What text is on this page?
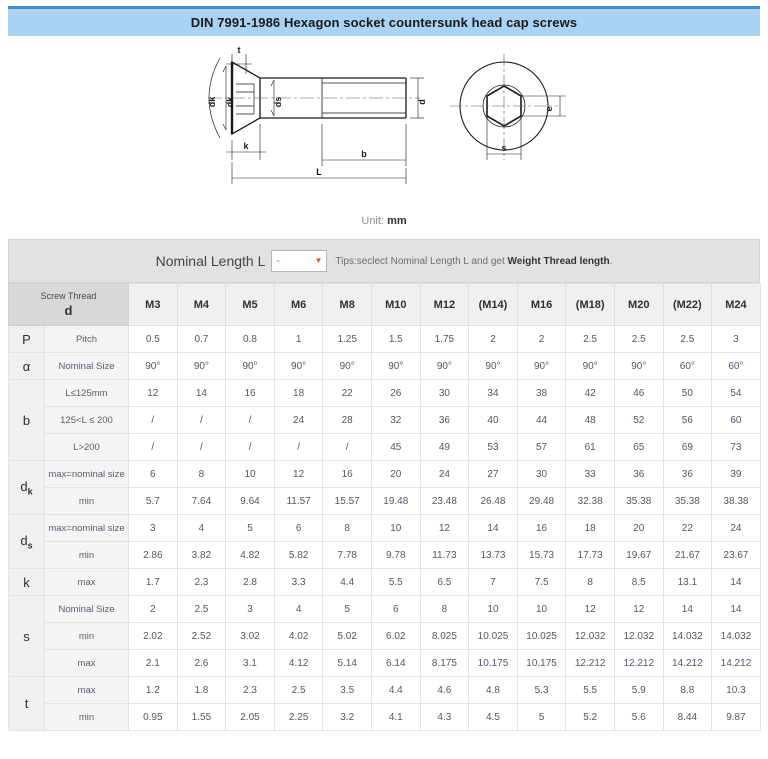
DIN 7991-1986 Hexagon socket countersunk head cap screws
t
dk dk	ds	d
k
b
L
e
s
Unit: mm
Nominal Length L -	▼ Tips:seclect Nominal Length L and get Weight Thread length.
Screw Thread
d		M3	M4	M5	M6	M8	M10	M12	(M14)	M16	(M18)	M20	(M22)	M24
P	Pitch	0.5	0.7	0.8	1	1.25	1.5	1.75	2	2	2.5	2.5	2.5	3
α	Nominal Size	90°	90°	90°	90°	90°	90°	90°	90°	90°	90°	90°	60°	60°
b	L≤125mm	12	14	16	18	22	26	30	34	38	42	46	50	54
	125<L ≤ 200	/	/	/	24	28	32	36	40	44	48	52	56	60
	L>200	/	/	/	/	/	45	49	53	57	61	65	69	73
$d_k$	max=nominal size	6	8	10	12	16	20	24	27	30	33	36	36	39
	min	5.7	7.64	9.64	11.57	15.57	19.48	23.48	26.48	29.48	32.38	35.38	35.38	38.38
$d_s$	max=nominal size	3	4	5	6	8	10	12	14	16	18	20	22	24
	min	2.86	3.82	4.82	5.82	7.78	9.78	11.73	13.73	15.73	17.73	19.67	21.67	23.67
k	max	1.7	2.3	2.8	3.3	4.4	5.5	6.5	7	7.5	8	8.5	13.1	14
s	Nominal Size	2	2.5	3	4	5	6	8	10	10	12	12	14	14
	min	2.02	2.52	3.02	4.02	5.02	6.02	8.025	10.025	10.025	12.032	12.032	14.032	14.032
	max	2.1	2.6	3.1	4.12	5.14	6.14	8.175	10.175	10.175	12.212	12.212	14.212	14.212
t	max	1.2	1.8	2.3	2.5	3.5	4.4	4.6	4.8	5.3	5.5	5.9	8.8	10.3
	min	0.95	1.55	2.05	2.25	3.2	4.1	4.3	4.5	5	5.2	5.6	8.44	9.87
